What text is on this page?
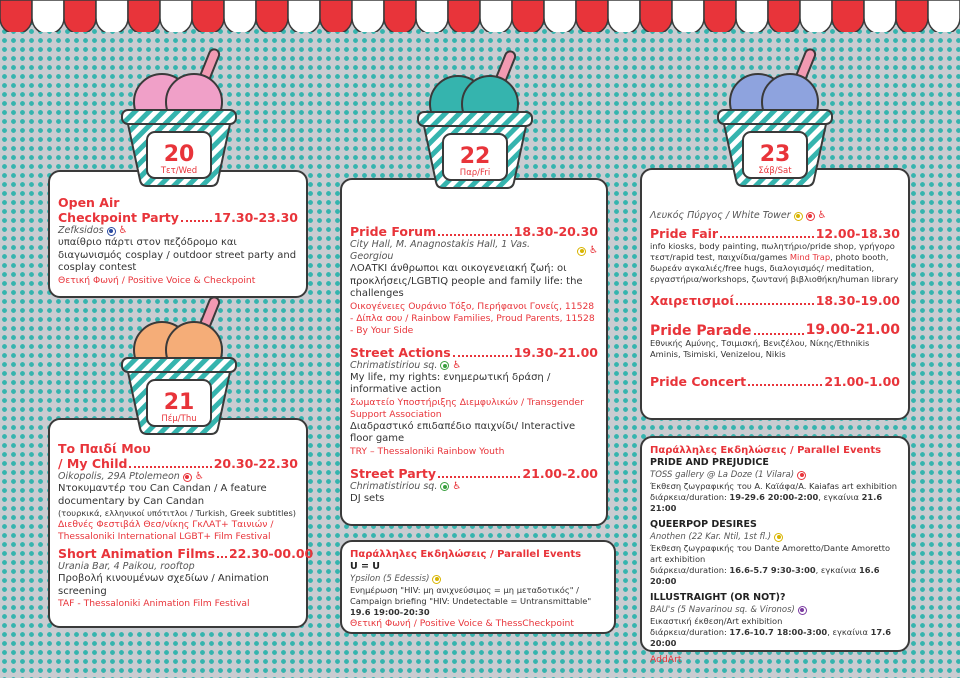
Open Air
Checkpoint Party	17.30-23.30
Zefksidos ♿
υπαίθριο πάρτι στον πεζόδρομο και διαγωνισμός cosplay / outdoor street party and cosplay contest
Θετική Φωνή / Positive Voice & Checkpoint
Το Παιδί Μου
/ My Child	20.30-22.30
Oikopolis, 29A Ptolemeon ♿
Ντοκυμαντέρ του Can Candan / A feature documentary by Can Candan
(τουρκικά, ελληνικοί υπότιτλοι / Turkish, Greek subtitles)
Διεθνές Φεστιβάλ Θεσ/νίκης ΓκΛΑΤ+ Ταινιών / Thessaloniki International LGBT+ Film Festival
Short Animation Films 22.30-00.00
Urania Bar, 4 Paikou, rooftop
Προβολή κινουμένων σχεδίων / Animation screening
TAF - Thessaloniki Animation Film Festival
Pride Forum	18.30-20.30
City Hall, M. Anagnostakis Hall, 1 Vas. Georgiou
♿
ΛΟΑΤΚΙ άνθρωποι και οικογενειακή ζωή: οι προκλήσεις/LGBTIQ people and family life: the challenges
Οικογένειες Ουράνιο Τόξο, Περήφανοι Γονείς, 11528 - Δίπλα σου / Rainbow Families, Proud Parents, 11528 - By Your Side
Street Actions	19.30-21.00
Chrimatistiriou sq. ♿
My life, my rights: ενημερωτική δράση / informative action
Σωματείο Υποστήριξης Διεμφυλικών / Transgender Support Association
Διαδραστικό επιδαπέδιο παιχνίδι/ Interactive floor game
TRY – Thessaloniki Rainbow Youth
Street Party	21.00-2.00
Chrimatistiriou sq. ♿
DJ sets
Παράλληλες Εκδηλώσεις / Parallel Events
U = U
Ypsilon (5 Edessis)
Ενημέρωση "HIV: μη ανιχνεύσιμος = μη μεταδοτικός" / Campaign briefing "HIV: Undetectable = Untransmittable"
19.6 19:00-20:30
Θετική Φωνή / Positive Voice & ThessCheckpoint
Λευκός Πύργος / White Tower	♿
Pride Fair	12.00-18.30
info kiosks, body painting, πωλητήριο/pride shop, γρήγορο τεστ/rapid test, παιχνίδια/games Mind Trap, photo booth, δωρεάν αγκαλιές/free hugs, διαλογισμός/ meditation, εργαστήρια/workshops, ζωντανή βιβλιοθήκη/human library
Χαιρετισμοί	18.30-19.00
Pride Parade	19.00-21.00
Εθνικής Αμύνης, Τσιμισκή, Βενιζέλου, Νίκης/Ethnikis Aminis, Tsimiski, Venizelou, Nikis
Pride Concert	21.00-1.00
Παράλληλες Εκδηλώσεις / Parallel Events
PRIDE AND PREJUDICE
TOSS gallery @ La Doze (1 Vilara)
Έκθεση ζωγραφικής του Α. Καϊάφα/A. Kaiafas art exhibition
διάρκεια/duration: 19-29.6 20:00-2:00, εγκαίνια 21.6 21:00
QUEERPOP DESIRES
Anothen (22 Kar. Ntil, 1st fl.)
Έκθεση ζωγραφικής του Dante Amoretto/Dante Amoretto art exhibition
διάρκεια/duration: 16.6-5.7 9:30-3:00, εγκαίνια 16.6 20:00
ILLUSTRAIGHT (OR NOT)?
BAU's (5 Navarinou sq. & Vironos)
Εικαστική έκθεση/Art exhibition
διάρκεια/duration: 17.6-10.7 18:00-3:00, εγκαίνια 17.6 20:00
AddArt
20
Τετ/Wed
21
Πέμ/Thu
22
Παρ/Fri
23
Σάβ/Sat
